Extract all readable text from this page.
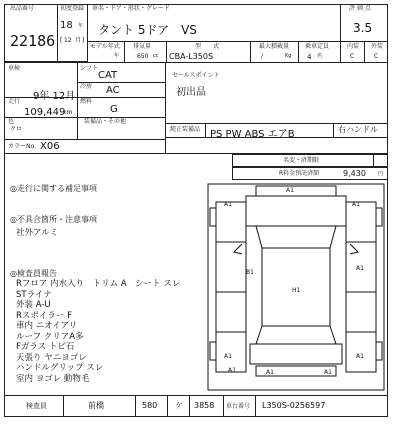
出品番号
22186
初度登録
18 年
[ 12 月 ]
車名・ドア・形状・グレード
タント 5ドア　VS
評 価 点
3.5
モデル年式
年
排気量
650 cc
型　　式
CBA-L350S
最大積載量
/	Kg
乗車定員
4 名
内装
C
外装
C
車検
9年 12月
シフト
CAT
冷房 AC
走行
109,449
km
燃料
G
色
クロ
装備品・その他
カラーNo. X06
セールスポイント
初出品
純正装備品 PS PW ABS エアB	右ハンドル
◎走行に関する補足事項
◎不具合箇所・注意事項
社外アルミ
◎検査員報告
Rフロア 内水入り　トリム A　シート スレ
STライナ
外装 A-U
Rスポイラー F
車内 ニオイアリ
ルーフ クリアA多
Fガラス トビ石
天張り ヤニヨゴレ
ハンドルグリップ スレ
室内 ヨゴレ 動物毛
名変・済期限
R料金預託済額	9,430 円
A1	A1
A1
A1
B1
A1
A1
H1
A1
A1	A1
検査員	前橋	580 ケ 3858 車台番号 L350S-0256597
